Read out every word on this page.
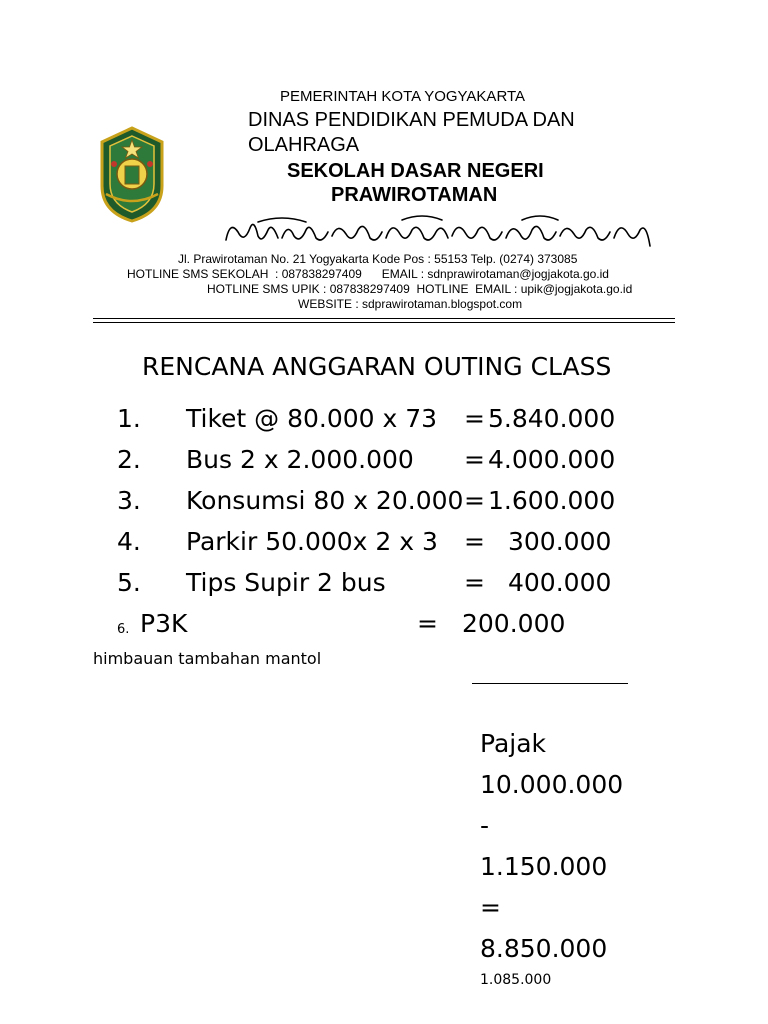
PEMERINTAH KOTA YOGYAKARTA
DINAS PENDIDIKAN PEMUDA DAN
OLAHRAGA
SEKOLAH DASAR NEGERI
PRAWIROTAMAN
Jl. Prawirotaman No. 21 Yogyakarta Kode Pos : 55153 Telp. (0274) 373085
HOTLINE SMS SEKOLAH  : 087838297409      EMAIL : sdnprawirotaman@jogjakota.go.id
HOTLINE SMS UPIK : 087838297409  HOTLINE  EMAIL : upik@jogjakota.go.id
WEBSITE : sdprawirotaman.blogspot.com
RENCANA ANGGARAN OUTING CLASS
1. Tiket @ 80.000 x 73 = 5.840.000
2. Bus 2 x 2.000.000 = 4.000.000
3. Konsumsi 80 x 20.000 = 1.600.000
4. Parkir 50.000x 2 x 3 = 300.000
5. Tips Supir 2 bus	= 400.000
6. P3K	= 200.000
himbauan tambahan mantol
Pajak
10.000.000
-
1.150.000
=
8.850.000
1.085.000
